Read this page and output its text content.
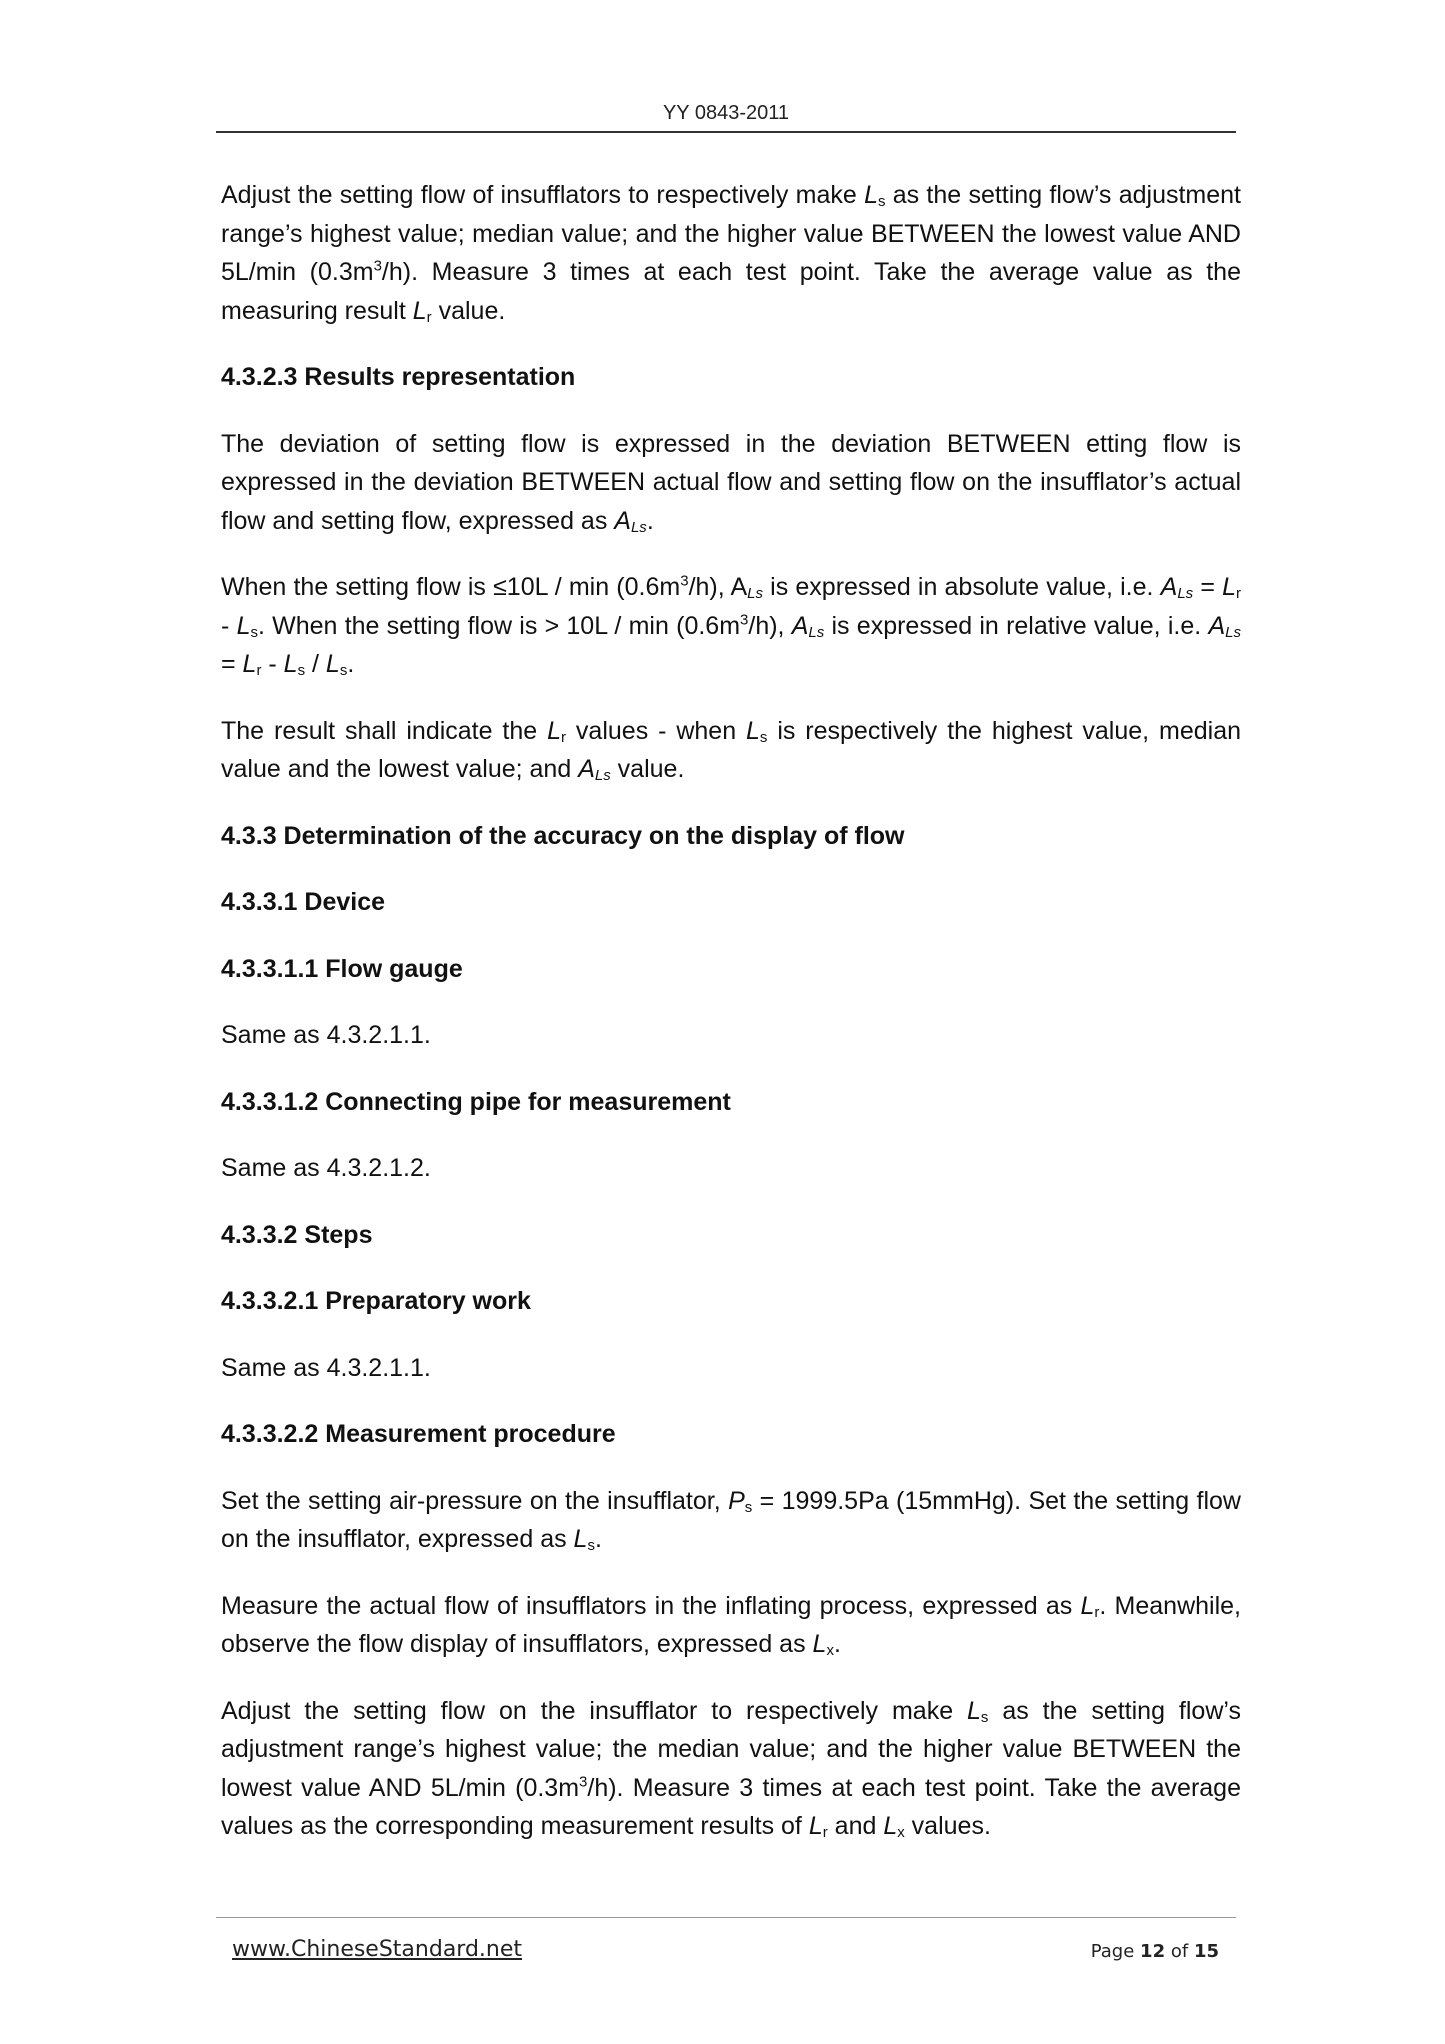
YY 0843-2011

Adjust the setting flow of insufflators to respectively make $L_s$ as the setting flow’s adjustment range’s highest value; median value; and the higher value BETWEEN the lowest value AND 5L/min $(0.3m^3/h)$. Measure 3 times at each test point. Take the average value as the measuring result $L_r$ value.

4.3.2.3 Results representation

The deviation of setting flow is expressed in the deviation BETWEEN etting flow is expressed in the deviation BETWEEN actual flow and setting flow on the insufflator’s actual flow and setting flow, expressed as $A_{Ls}$.

When the setting flow is $\le 10L / \min (0.6m^3/h)$, $A_{Ls}$ is expressed in absolute value, i.e. $A_{Ls} = L_r - L_s$. When the setting flow is > $10L / \min (0.6m^3/h)$, $A_{Ls}$ is expressed in relative value, i.e. $A_{Ls} = L_r - L_s / L_s$.

The result shall indicate the $L_r$ values - when $L_s$ is respectively the highest value, median value and the lowest value; and $A_{Ls}$ value.

4.3.3 Determination of the accuracy on the display of flow
4.3.3.1 Device
4.3.3.1.1 Flow gauge

Same as 4.3.2.1.1.

4.3.3.1.2 Connecting pipe for measurement

Same as 4.3.2.1.2.

4.3.3.2 Steps
4.3.3.2.1 Preparatory work

Same as 4.3.2.1.1.

4.3.3.2.2 Measurement procedure

Set the setting air-pressure on the insufflator, $P_s = 1999.5Pa$ (15mmHg). Set the setting flow on the insufflator, expressed as $L_s$.

Measure the actual flow of insufflators in the inflating process, expressed as $L_r$. Meanwhile, observe the flow display of insufflators, expressed as $L_x$.

Adjust the setting flow on the insufflator to respectively make $L_s$ as the setting flow’s adjustment range’s highest value; the median value; and the higher value BETWEEN the lowest value AND 5L/min $(0.3m^3/h)$. Measure 3 times at each test point. Take the average values as the corresponding measurement results of $L_r$ and $L_x$ values.

www.ChineseStandard.net	Page 12 of 15
